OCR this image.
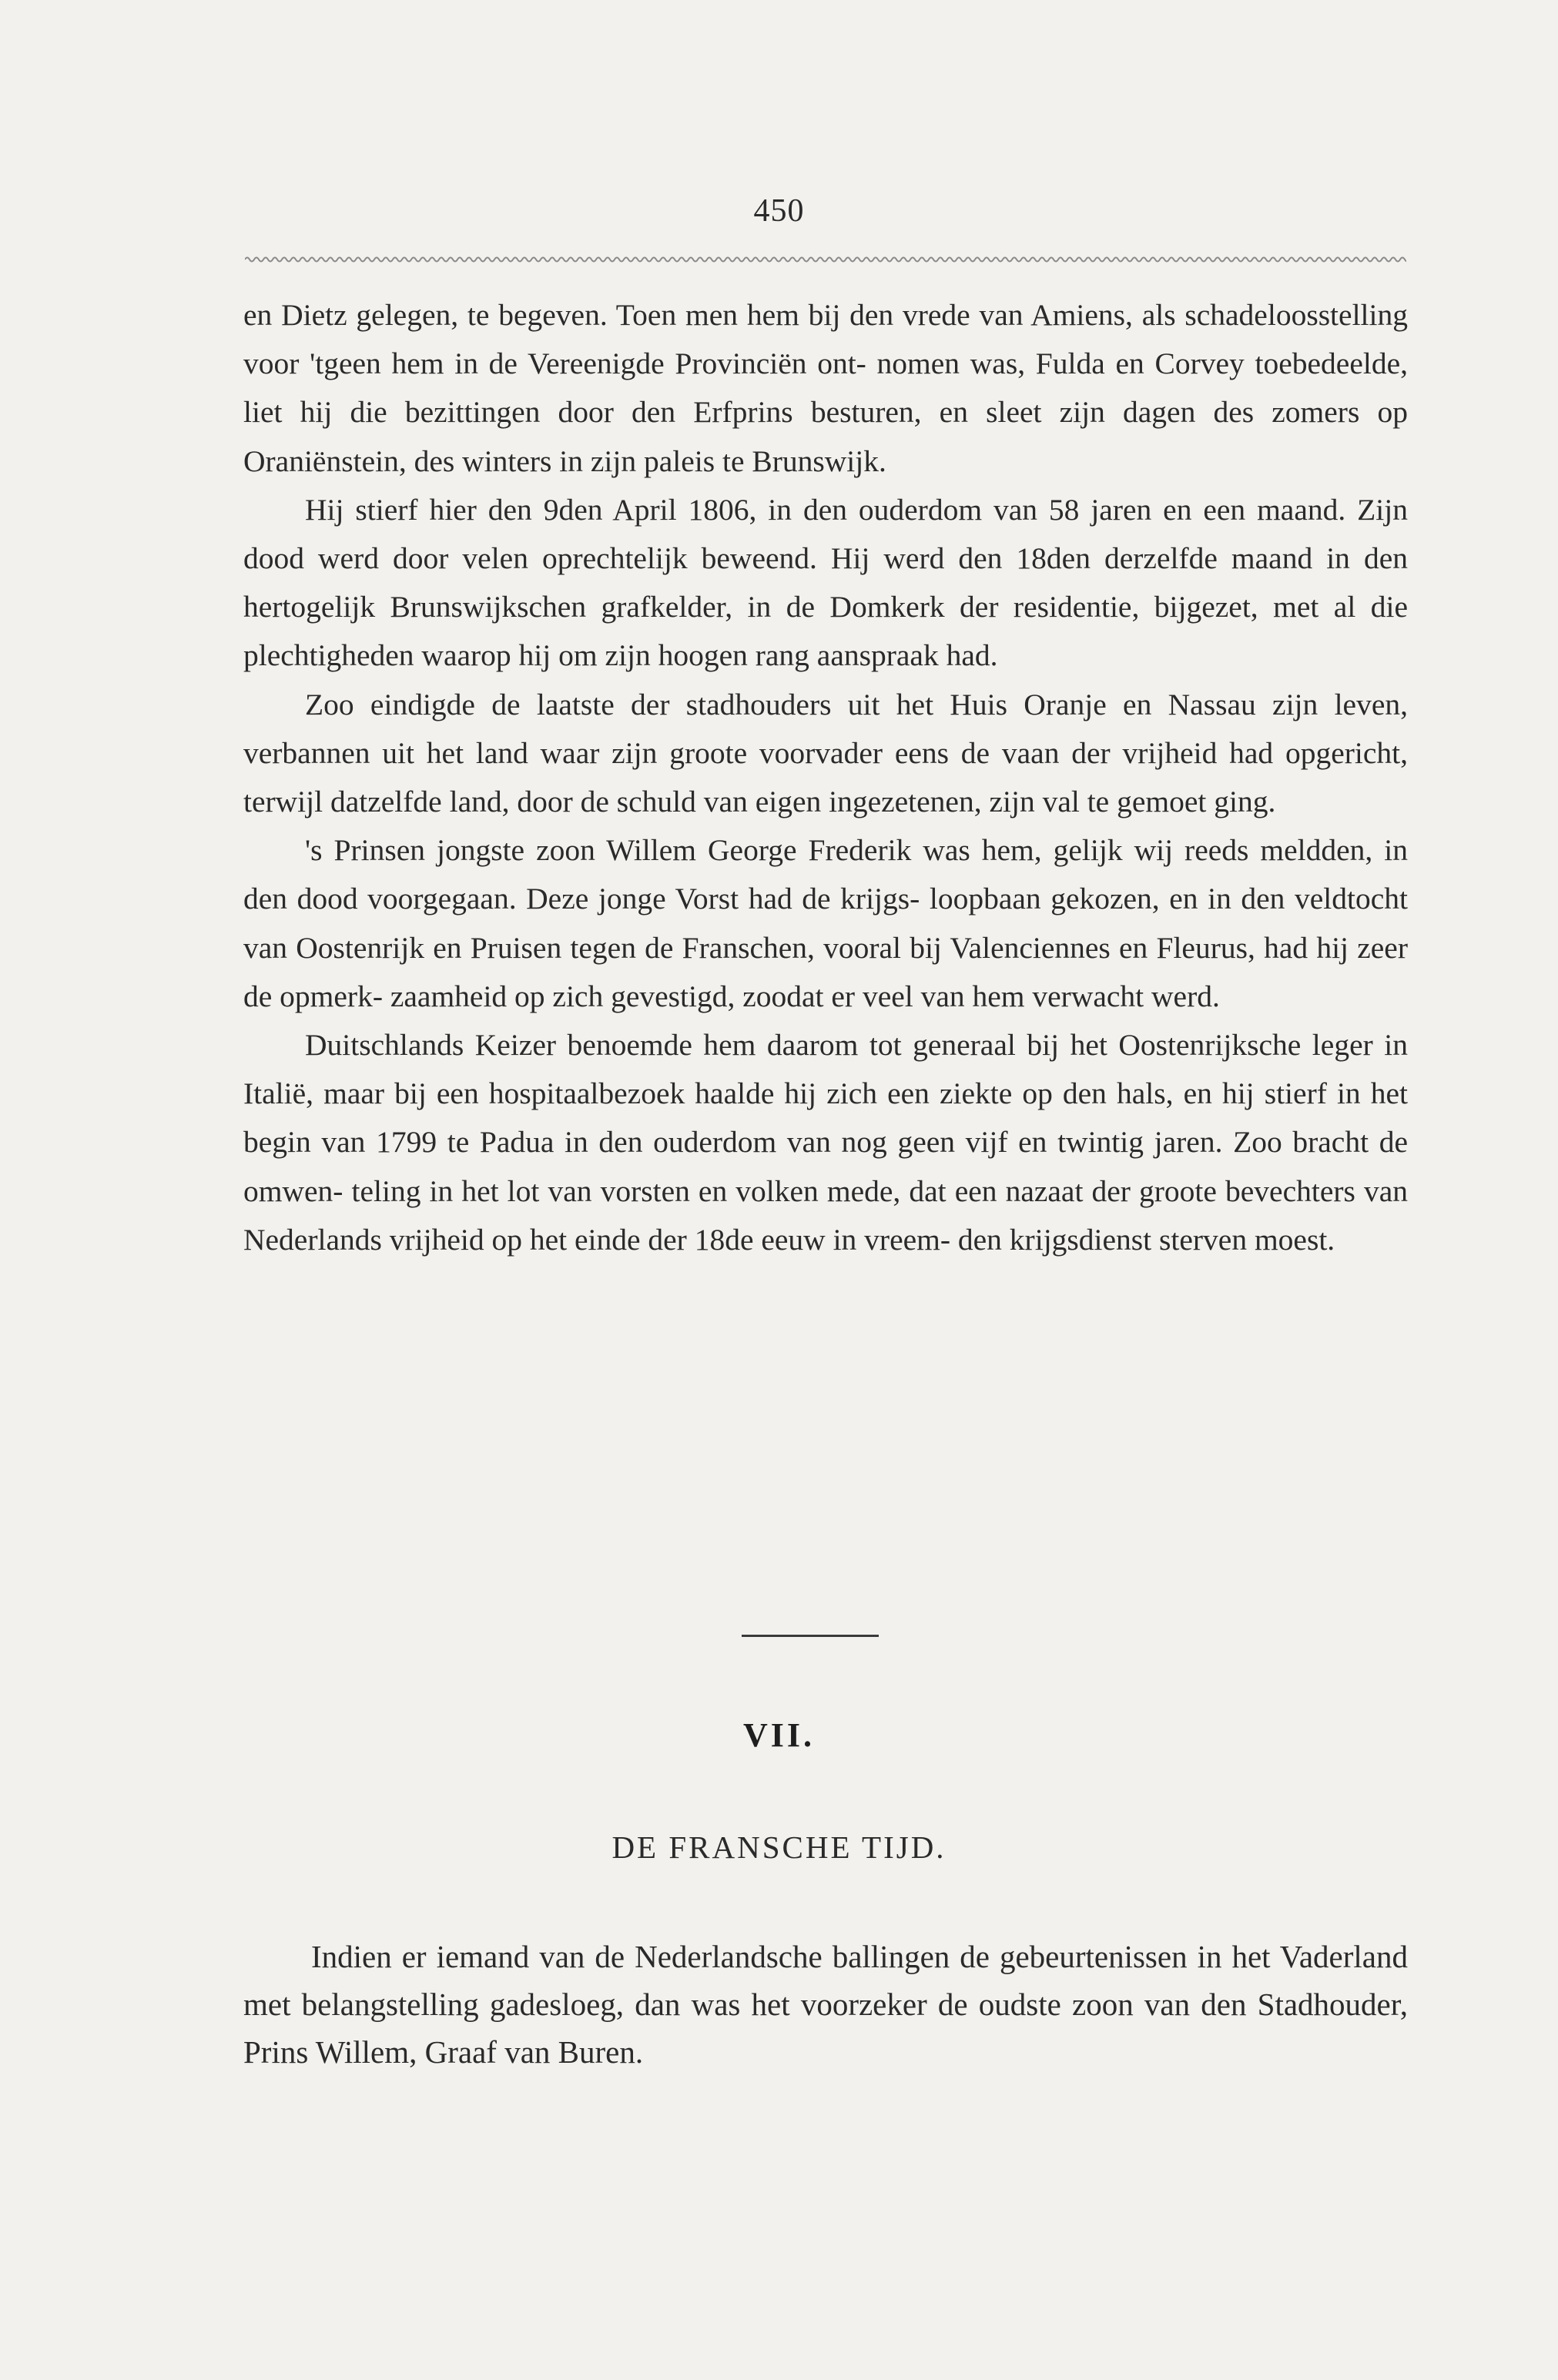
450

en Dietz gelegen, te begeven. Toen men hem bij den vrede van Amiens, als schadeloosstelling voor 'tgeen hem in de Vereenigde Provinciën ont- nomen was, Fulda en Corvey toebedeelde, liet hij die bezittingen door den Erfprins besturen, en sleet zijn dagen des zomers op Oraniënstein, des winters in zijn paleis te Brunswijk.

Hij stierf hier den 9den April 1806, in den ouderdom van 58 jaren en een maand. Zijn dood werd door velen oprechtelijk beweend. Hij werd den 18den derzelfde maand in den hertogelijk Brunswijkschen grafkelder, in de Domkerk der residentie, bijgezet, met al die plechtigheden waarop hij om zijn hoogen rang aanspraak had.

Zoo eindigde de laatste der stadhouders uit het Huis Oranje en Nassau zijn leven, verbannen uit het land waar zijn groote voorvader eens de vaan der vrijheid had opgericht, terwijl datzelfde land, door de schuld van eigen ingezetenen, zijn val te gemoet ging.

's Prinsen jongste zoon Willem George Frederik was hem, gelijk wij reeds meldden, in den dood voorgegaan. Deze jonge Vorst had de krijgs- loopbaan gekozen, en in den veldtocht van Oostenrijk en Pruisen tegen de Franschen, vooral bij Valenciennes en Fleurus, had hij zeer de opmerk- zaamheid op zich gevestigd, zoodat er veel van hem verwacht werd.

Duitschlands Keizer benoemde hem daarom tot generaal bij het Oostenrijksche leger in Italië, maar bij een hospitaalbezoek haalde hij zich een ziekte op den hals, en hij stierf in het begin van 1799 te Padua in den ouderdom van nog geen vijf en twintig jaren. Zoo bracht de omwen- teling in het lot van vorsten en volken mede, dat een nazaat der groote bevechters van Nederlands vrijheid op het einde der 18de eeuw in vreem- den krijgsdienst sterven moest.

VII.
DE FRANSCHE TIJD.

Indien er iemand van de Nederlandsche ballingen de gebeurtenissen in het Vaderland met belangstelling gadesloeg, dan was het voorzeker de oudste zoon van den Stadhouder, Prins Willem, Graaf van Buren.
